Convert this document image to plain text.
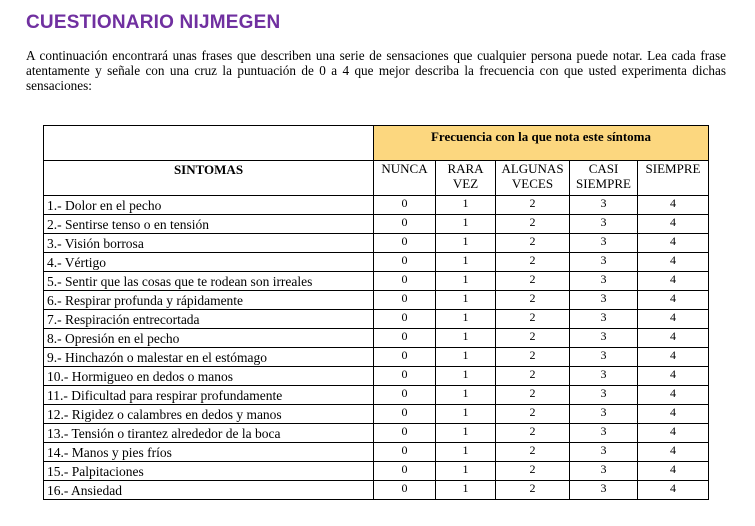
CUESTIONARIO NIJMEGEN
A continuación encontrará unas frases que describen una serie de sensaciones que cualquier persona puede notar. Lea cada frase atentamente y señale con una cruz la puntuación de 0 a 4 que mejor describa la frecuencia con que usted experimenta dichas sensaciones:
	Frecuencia con la que nota este síntoma				
SINTOMAS	NUNCA	RARA VEZ	ALGUNAS VECES	CASI SIEMPRE	SIEMPRE
1.- Dolor en el pecho	0	1	2	3	4
2.- Sentirse tenso o en tensión	0	1	2	3	4
3.- Visión borrosa	0	1	2	3	4
4.- Vértigo	0	1	2	3	4
5.- Sentir que las cosas que te rodean son irreales	0	1	2	3	4
6.- Respirar profunda y rápidamente	0	1	2	3	4
7.- Respiración entrecortada	0	1	2	3	4
8.- Opresión en el pecho	0	1	2	3	4
9.- Hinchazón o malestar en el estómago	0	1	2	3	4
10.- Hormigueo en dedos o manos	0	1	2	3	4
11.- Dificultad para respirar profundamente	0	1	2	3	4
12.- Rigidez o calambres en dedos y manos	0	1	2	3	4
13.- Tensión o tirantez alrededor de la boca	0	1	2	3	4
14.- Manos y pies fríos	0	1	2	3	4
15.- Palpitaciones	0	1	2	3	4
16.- Ansiedad	0	1	2	3	4
